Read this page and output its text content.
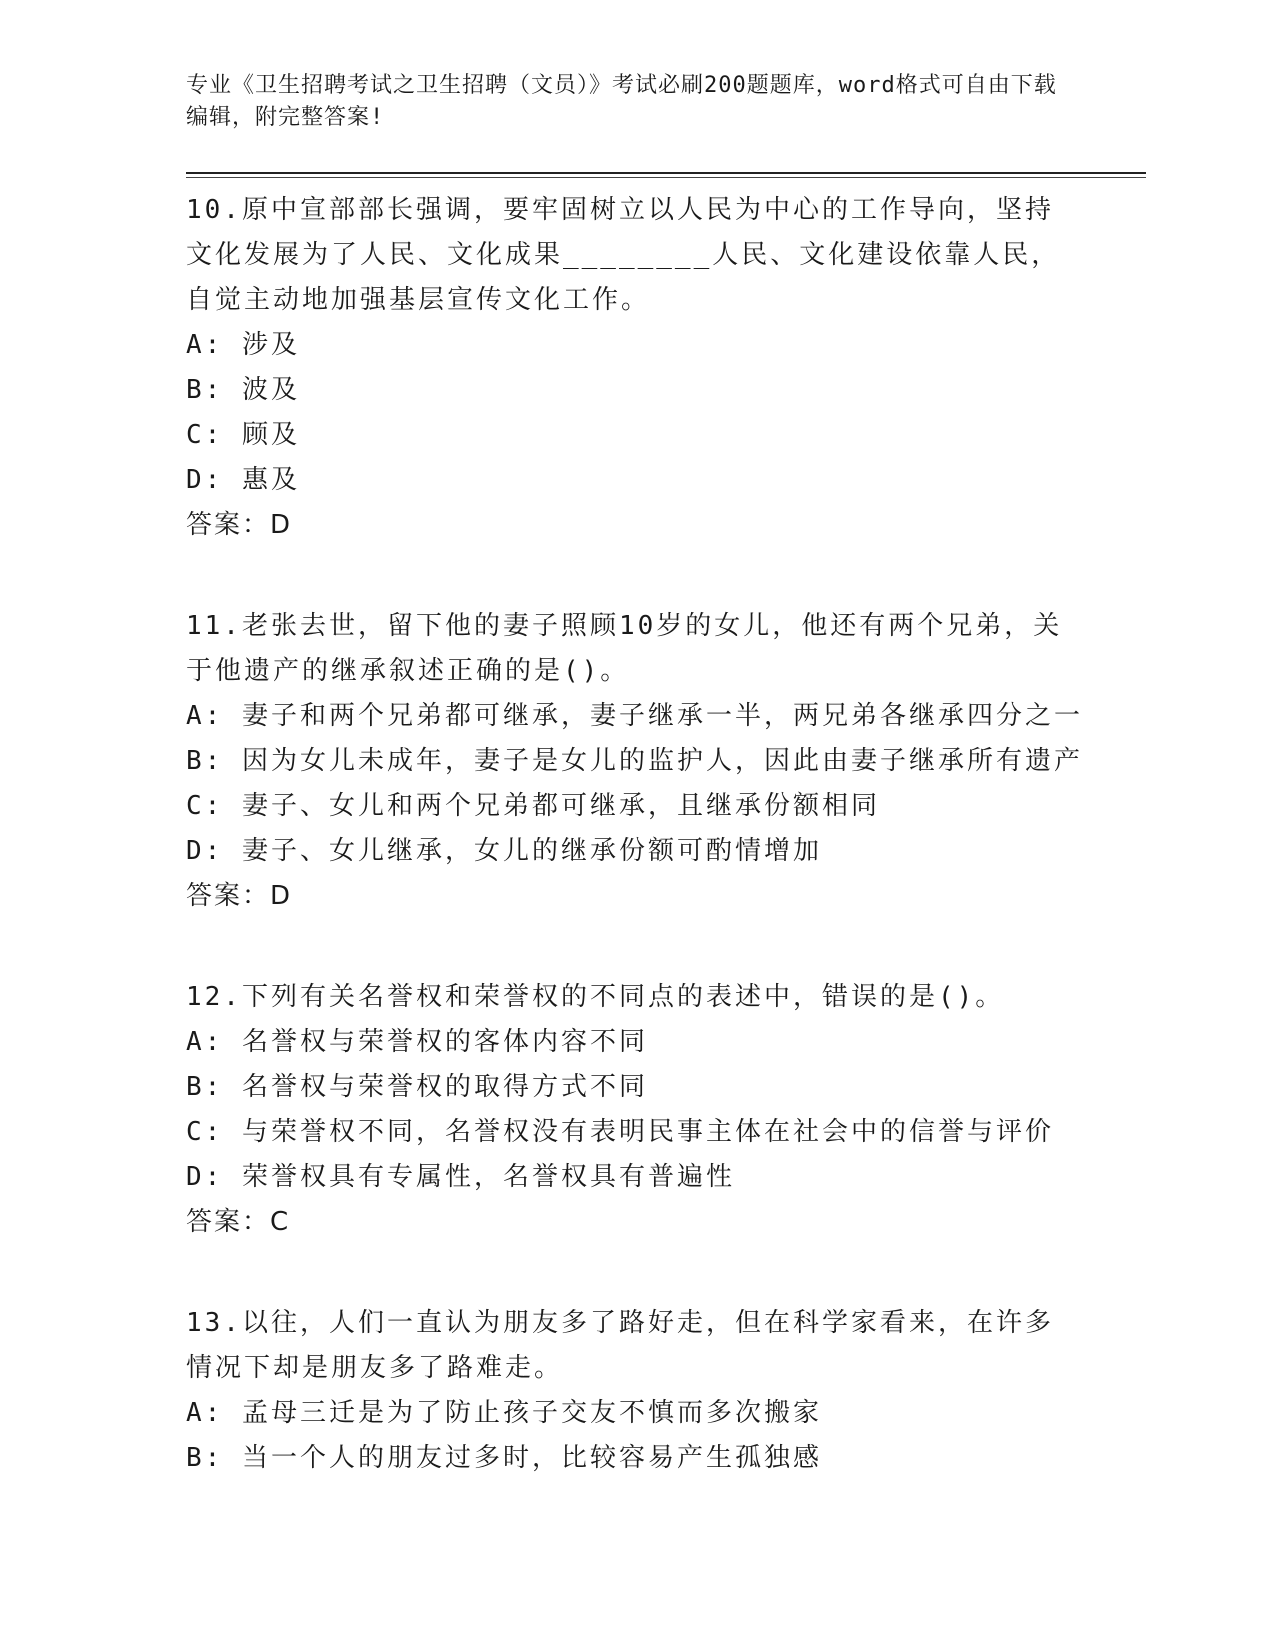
专业《卫生招聘考试之卫生招聘（文员）》考试必刷200题题库，word格式可自由下载编辑，附完整答案!
10.原中宣部部长强调，要牢固树立以人民为中心的工作导向，坚持文化发展为了人民、文化成果________人民、文化建设依靠人民，自觉主动地加强基层宣传文化工作。
A: 涉及
B: 波及
C: 顾及
D: 惠及
答案：D
11.老张去世，留下他的妻子照顾10岁的女儿，他还有两个兄弟，关于他遗产的继承叙述正确的是()。
A: 妻子和两个兄弟都可继承，妻子继承一半，两兄弟各继承四分之一
B: 因为女儿未成年，妻子是女儿的监护人，因此由妻子继承所有遗产
C: 妻子、女儿和两个兄弟都可继承，且继承份额相同
D: 妻子、女儿继承，女儿的继承份额可酌情增加
答案：D
12.下列有关名誉权和荣誉权的不同点的表述中，错误的是()。
A: 名誉权与荣誉权的客体内容不同
B: 名誉权与荣誉权的取得方式不同
C: 与荣誉权不同，名誉权没有表明民事主体在社会中的信誉与评价
D: 荣誉权具有专属性，名誉权具有普遍性
答案：C
13.以往，人们一直认为朋友多了路好走，但在科学家看来，在许多情况下却是朋友多了路难走。
A: 孟母三迁是为了防止孩子交友不慎而多次搬家
B: 当一个人的朋友过多时，比较容易产生孤独感
